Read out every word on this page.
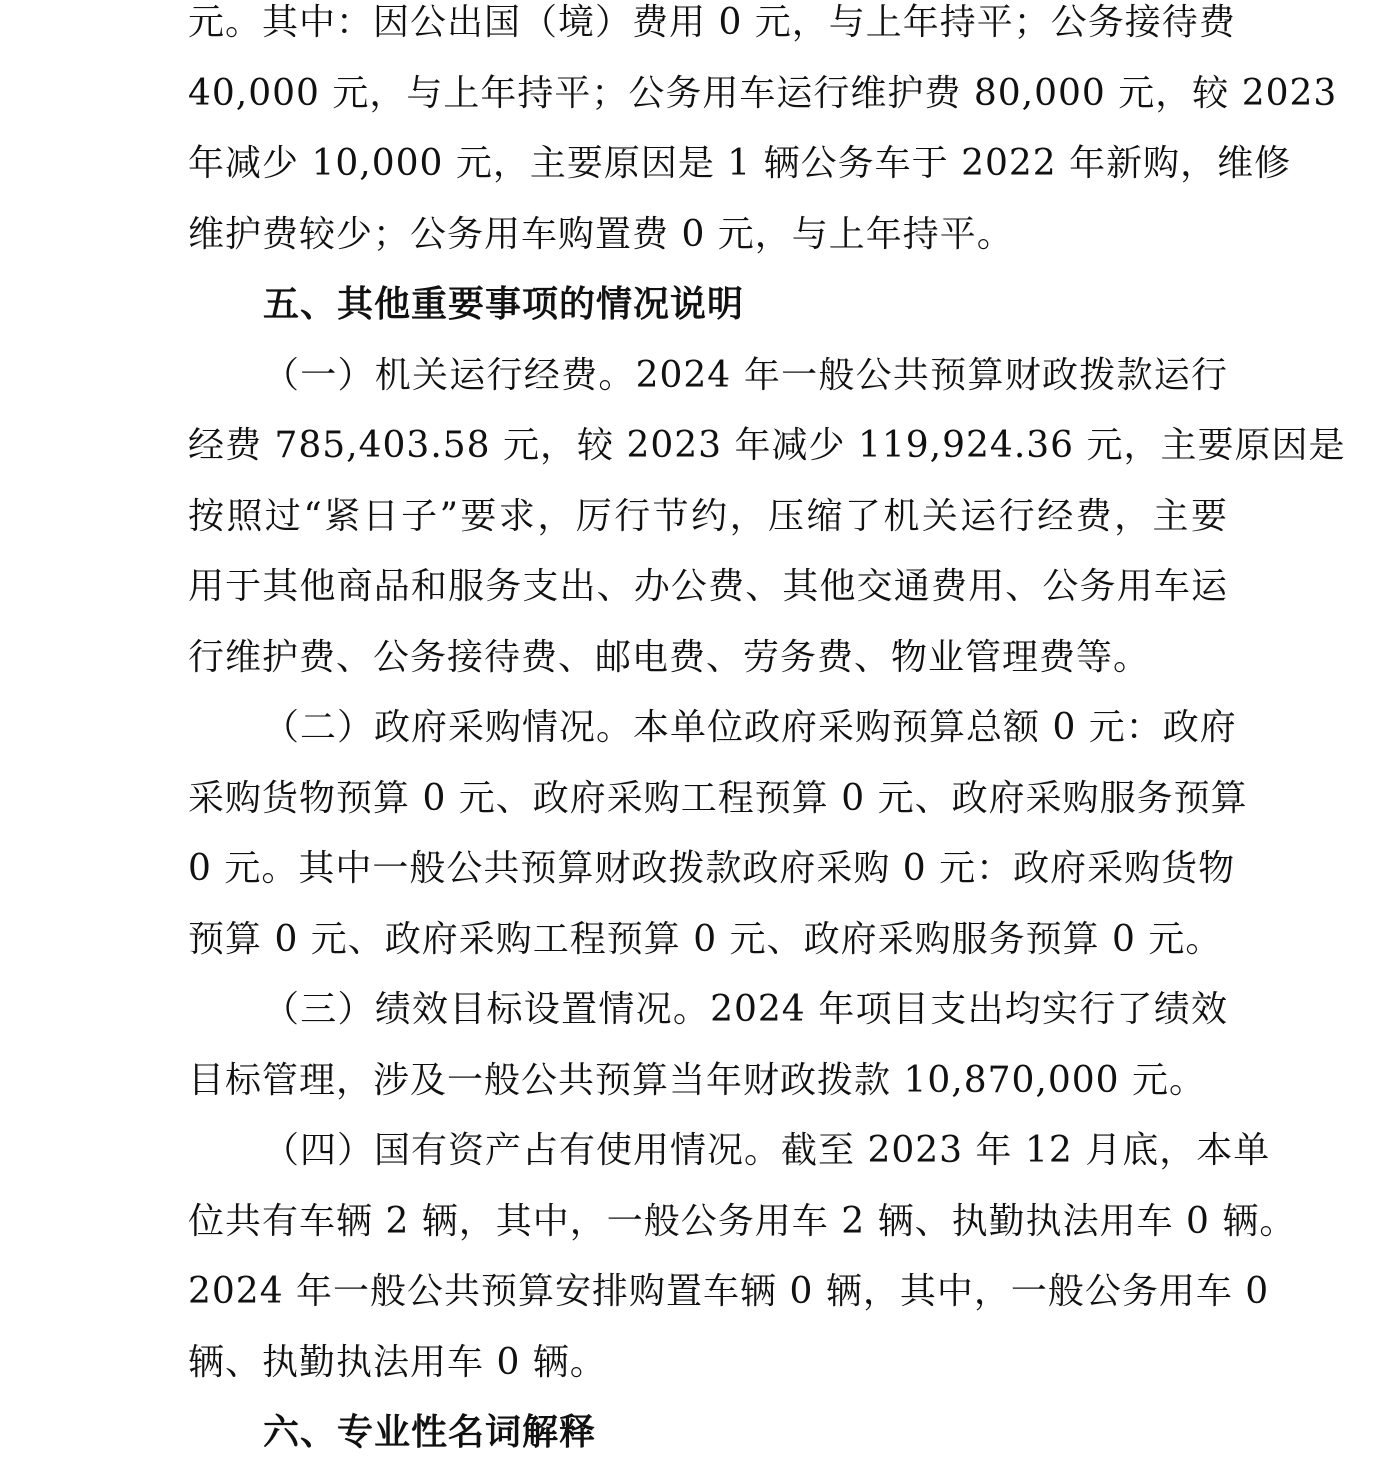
元。其中：因公出国（境）费用 0 元，与上年持平；公务接待费
40,000 元，与上年持平；公务用车运行维护费 80,000 元，较 2023
年减少 10,000 元，主要原因是 1 辆公务车于 2022 年新购，维修
维护费较少；公务用车购置费 0 元，与上年持平。
五、其他重要事项的情况说明
（一）机关运行经费。2024 年一般公共预算财政拨款运行
经费 785,403.58 元，较 2023 年减少 119,924.36 元，主要原因是
按照过“紧日子”要求，厉行节约，压缩了机关运行经费，主要
用于其他商品和服务支出、办公费、其他交通费用、公务用车运
行维护费、公务接待费、邮电费、劳务费、物业管理费等。
（二）政府采购情况。本单位政府采购预算总额 0 元：政府
采购货物预算 0 元、政府采购工程预算 0 元、政府采购服务预算
0 元。其中一般公共预算财政拨款政府采购 0 元：政府采购货物
预算 0 元、政府采购工程预算 0 元、政府采购服务预算 0 元。
（三）绩效目标设置情况。2024 年项目支出均实行了绩效
目标管理，涉及一般公共预算当年财政拨款 10,870,000 元。
（四）国有资产占有使用情况。截至 2023 年 12 月底，本单
位共有车辆 2 辆，其中，一般公务用车 2 辆、执勤执法用车 0 辆。
2024 年一般公共预算安排购置车辆 0 辆，其中，一般公务用车 0
辆、执勤执法用车 0 辆。
六、专业性名词解释
